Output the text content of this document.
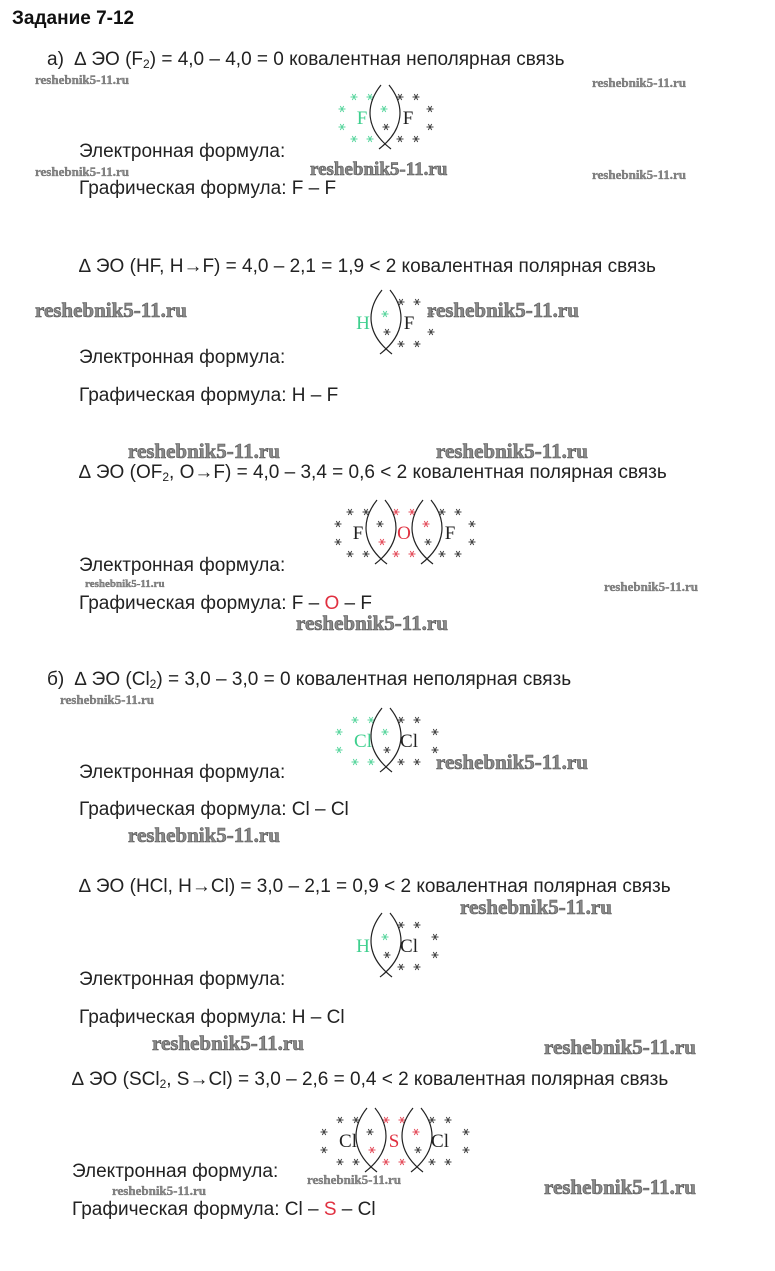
Задание 7-12
а) ∆ ЭО $(F_2) = 4,0 - 4,0 = 0$ ковалентная неполярная связь
Электронная формула:
Графическая формула: F – F
∆ ЭО (HF, H→F) = 4,0 – 2,1 = 1,9 < 2 ковалентная полярная связь
Электронная формула:
Графическая формула: H – F
∆ ЭО ($OF_2$, O→F) = 4,0 – 3,4 = 0,6 < 2 ковалентная полярная связь
Электронная формула:
Графическая формула: F – O – F
б) ∆ ЭО $(Cl_2) = 3,0 - 3,0 = 0$ ковалентная неполярная связь
Электронная формула:
Графическая формула: Cl – Cl
∆ ЭО (HCl, H→Cl) = 3,0 – 2,1 = 0,9 < 2 ковалентная полярная связь
Электронная формула:
Графическая формула: H – Cl
∆ ЭО (SCl$_2$, S→Cl) = 3,0 – 2,6 = 0,4 < 2 ковалентная полярная связь
Электронная формула:
Графическая формула: Cl – S – Cl
F F
H F
F O F
Cl Cl
H Cl
Cl S Cl
reshebnik5-11.ru	reshebnik5-11.ru
reshebnik5-11.ru	reshebnik5-11.ru
reshebnik5-11.ru
reshebnik5-11.ru	reshebnik5-11.ru
reshebnik5-11.ru	reshebnik5-11.ru
reshebnik5-11.ru	reshebnik5-11.ru
reshebnik5-11.ru
reshebnik5-11.ru
reshebnik5-11.ru
reshebnik5-11.ru
reshebnik5-11.ru
reshebnik5-11.ru	reshebnik5-11.ru
reshebnik5-11.ru
reshebnik5-11.ru	reshebnik5-11.ru
